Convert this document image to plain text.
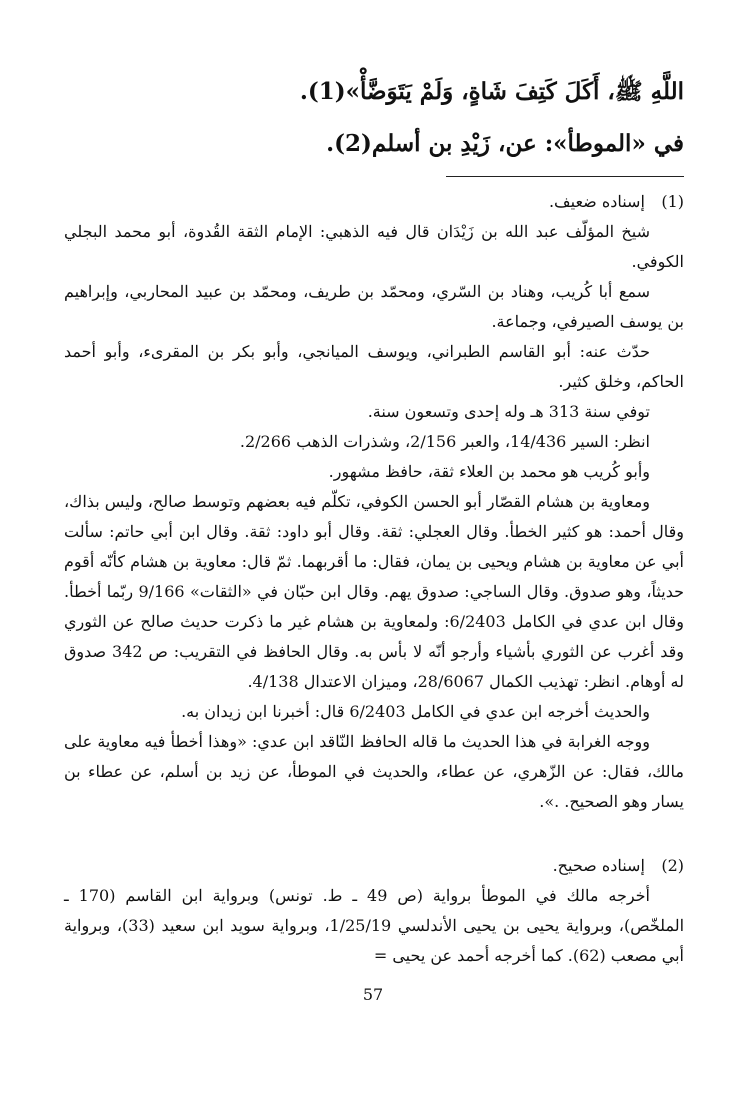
اللَّهِ ﷺ، أَكَلَ كَتِفَ شَاةٍ، وَلَمْ يَتَوَضَّأْ»(1).
في «الموطأ»: عن، زَيْدِ بن أسلم(2).
(1) إسناده ضعيف.

شيخ المؤلّف عبد الله بن زَيْدَان قال فيه الذهبي: الإمام الثقة القُدوة، أبو محمد البجلي الكوفي.

سمع أبا كُريب، وهناد بن السّري، ومحمّد بن طريف، ومحمّد بن عبيد المحاربي، وإبراهيم بن يوسف الصيرفي، وجماعة.

حدّث عنه: أبو القاسم الطبراني، ويوسف الميانجي، وأبو بكر بن المقرىء، وأبو أحمد الحاكم، وخلق كثير.

توفي سنة 313 هـ وله إحدى وتسعون سنة.

انظر: السير 14/436، والعبر 2/156، وشذرات الذهب 2/266.

وأبو كُريب هو محمد بن العلاء ثقة، حافظ مشهور.

ومعاوية بن هشام القصّار أبو الحسن الكوفي، تكلّم فيه بعضهم وتوسط صالح، وليس بذاك، وقال أحمد: هو كثير الخطأ. وقال العجلي: ثقة. وقال أبو داود: ثقة. وقال ابن أبي حاتم: سألت أبي عن معاوية بن هشام ويحيى بن يمان، فقال: ما أقربهما. ثمّ قال: معاوية بن هشام كأنّه أقوم حديثاً، وهو صدوق. وقال الساجي: صدوق يهم. وقال ابن حبّان في «الثقات» 9/166 ربّما أخطأ. وقال ابن عدي في الكامل 6/2403: ولمعاوية بن هشام غير ما ذكرت حديث صالح عن الثوري وقد أغرب عن الثوري بأشياء وأرجو أنّه لا بأس به. وقال الحافظ في التقريب: ص 342 صدوق له أوهام. انظر: تهذيب الكمال 28/6067، وميزان الاعتدال 4/138.

والحديث أخرجه ابن عدي في الكامل 6/2403 قال: أخبرنا ابن زيدان به.

ووجه الغرابة في هذا الحديث ما قاله الحافظ النّاقد ابن عدي: «وهذا أخطأ فيه معاوية على مالك، فقال: عن الزّهري، عن عطاء، والحديث في الموطأ، عن زيد بن أسلم، عن عطاء بن يسار وهو الصحيح. .».

(2) إسناده صحيح.

أخرجه مالك في الموطأ برواية (ص 49 ـ ط. تونس) وبرواية ابن القاسم (170 ـ الملخّص)، وبرواية يحيى بن يحيى الأندلسي 1/25/19، وبرواية سويد ابن سعيد (33)، وبرواية أبي مصعب (62). كما أخرجه أحمد عن يحيى =

57
